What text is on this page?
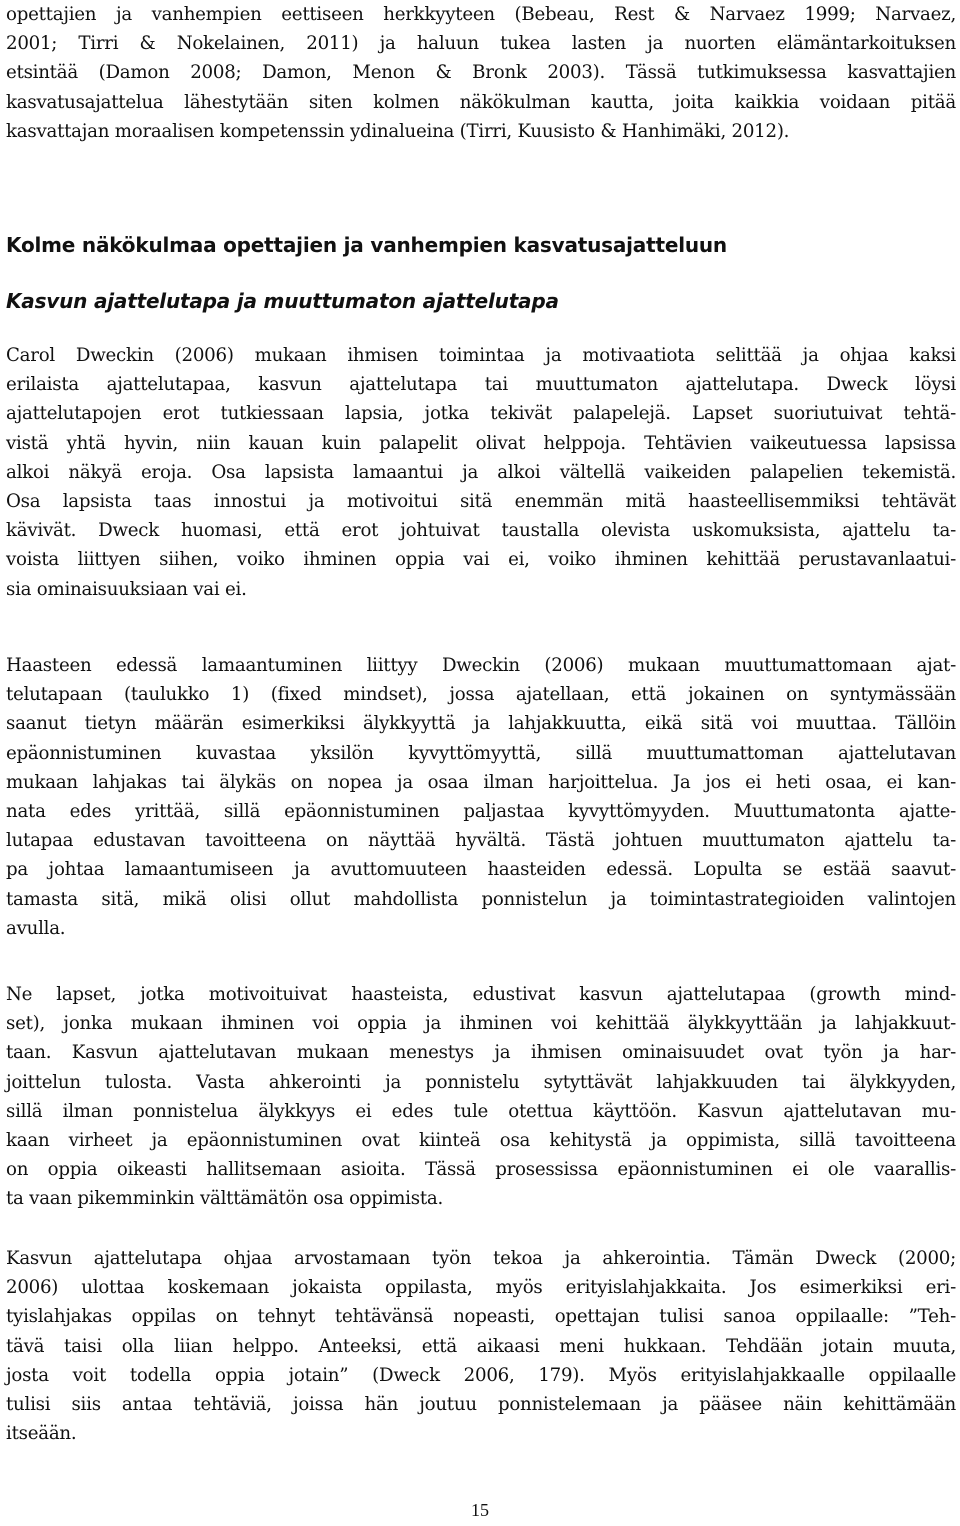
opettajien ja vanhempien eettiseen herkkyyteen (Bebeau, Rest & Narvaez 1999; Narvaez,
2001; Tirri & Nokelainen, 2011) ja haluun tukea lasten ja nuorten elämäntarkoituksen
etsintää (Damon 2008; Damon, Menon & Bronk 2003). Tässä tutkimuksessa kasvattajien
kasvatusajattelua lähestytään siten kolmen näkökulman kautta, joita kaikkia voidaan pitää
kasvattajan moraalisen kompetenssin ydinalueina (Tirri, Kuusisto & Hanhimäki, 2012).
Kolme näkökulmaa opettajien ja vanhempien kasvatusajatteluun
Kasvun ajattelutapa ja muuttumaton ajattelutapa
Carol Dweckin (2006) mukaan ihmisen toimintaa ja motivaatiota selittää ja ohjaa kaksi
erilaista ajattelutapaa, kasvun ajattelutapa tai muuttumaton ajattelutapa. Dweck löysi
ajattelutapojen erot tutkiessaan lapsia, jotka tekivät palapelejä. Lapset suoriutuivat tehtä-
vistä yhtä hyvin, niin kauan kuin palapelit olivat helppoja. Tehtävien vaikeutuessa lapsissa
alkoi näkyä eroja. Osa lapsista lamaantui ja alkoi vältellä vaikeiden palapelien tekemistä.
Osa lapsista taas innostui ja motivoitui sitä enemmän mitä haasteellisemmiksi tehtävät
kävivät. Dweck huomasi, että erot johtuivat taustalla olevista uskomuksista, ajattelu ta-
voista liittyen siihen, voiko ihminen oppia vai ei, voiko ihminen kehittää perustavanlaatui-
sia ominaisuuksiaan vai ei.
Haasteen edessä lamaantuminen liittyy Dweckin (2006) mukaan muuttumattomaan ajat-
telutapaan (taulukko 1) (fixed mindset), jossa ajatellaan, että jokainen on syntymässään
saanut tietyn määrän esimerkiksi älykkyyttä ja lahjakkuutta, eikä sitä voi muuttaa. Tällöin
epäonnistuminen kuvastaa yksilön kyvyttömyyttä, sillä muuttumattoman ajattelutavan
mukaan lahjakas tai älykäs on nopea ja osaa ilman harjoittelua. Ja jos ei heti osaa, ei kan-
nata edes yrittää, sillä epäonnistuminen paljastaa kyvyttömyyden. Muuttumatonta ajatte-
lutapaa edustavan tavoitteena on näyttää hyvältä. Tästä johtuen muuttumaton ajattelu ta-
pa johtaa lamaantumiseen ja avuttomuuteen haasteiden edessä. Lopulta se estää saavut-
tamasta sitä, mikä olisi ollut mahdollista ponnistelun ja toimintastrategioiden valintojen
avulla.
Ne lapset, jotka motivoituivat haasteista, edustivat kasvun ajattelutapaa (growth mind-
set), jonka mukaan ihminen voi oppia ja ihminen voi kehittää älykkyyttään ja lahjakkuut-
taan. Kasvun ajattelutavan mukaan menestys ja ihmisen ominaisuudet ovat työn ja har-
joittelun tulosta. Vasta ahkerointi ja ponnistelu sytyttävät lahjakkuuden tai älykkyyden,
sillä ilman ponnistelua älykkyys ei edes tule otettua käyttöön. Kasvun ajattelutavan mu-
kaan virheet ja epäonnistuminen ovat kiinteä osa kehitystä ja oppimista, sillä tavoitteena
on oppia oikeasti hallitsemaan asioita. Tässä prosessissa epäonnistuminen ei ole vaarallis-
ta vaan pikemminkin välttämätön osa oppimista.
Kasvun ajattelutapa ohjaa arvostamaan työn tekoa ja ahkerointia. Tämän Dweck (2000;
2006) ulottaa koskemaan jokaista oppilasta, myös erityislahjakkaita. Jos esimerkiksi eri-
tyislahjakas oppilas on tehnyt tehtävänsä nopeasti, opettajan tulisi sanoa oppilaalle: ”Teh-
tävä taisi olla liian helppo. Anteeksi, että aikaasi meni hukkaan. Tehdään jotain muuta,
josta voit todella oppia jotain” (Dweck 2006, 179). Myös erityislahjakkaalle oppilaalle
tulisi siis antaa tehtäviä, joissa hän joutuu ponnistelemaan ja pääsee näin kehittämään
itseään.
15
